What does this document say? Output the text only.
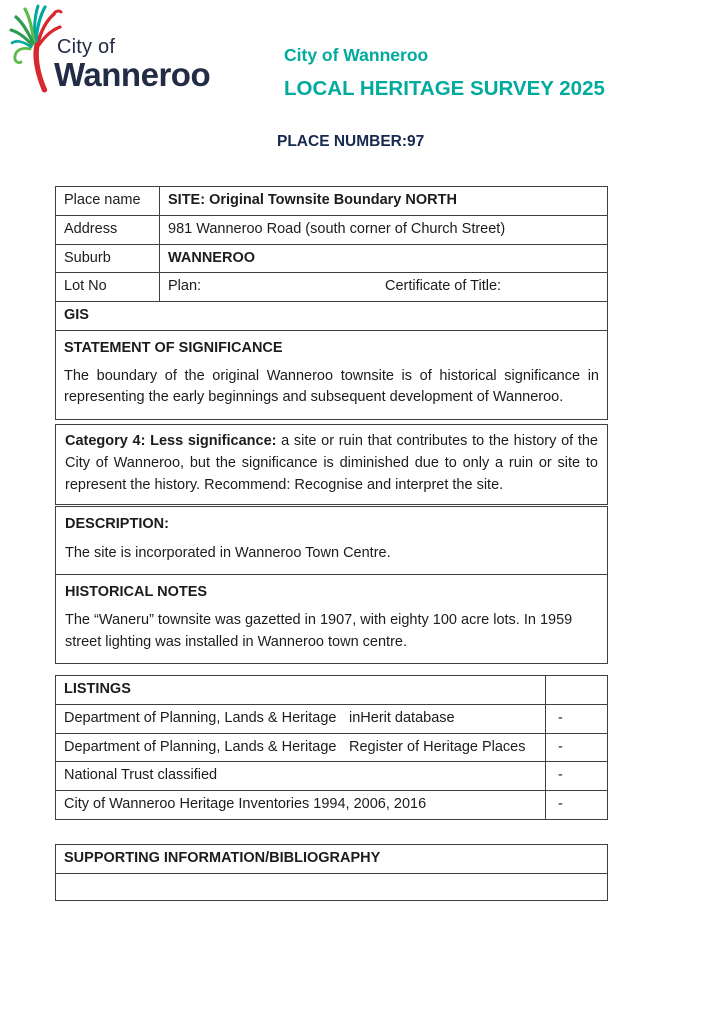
City of
Wanneroo
City of Wanneroo
LOCAL HERITAGE SURVEY 2025
PLACE NUMBER:97
Place name	SITE: Original Townsite Boundary NORTH
Address	981 Wanneroo Road (south corner of Church Street)
Suburb	WANNEROO
Lot No	Plan:	Certificate of Title:
GIS
STATEMENT OF SIGNIFICANCE

The boundary of the original Wanneroo townsite is of historical significance in representing the early beginnings and subsequent development of Wanneroo.

Category 4: Less significance: a site or ruin that contributes to the history of the City of Wanneroo, but the significance is diminished due to only a ruin or site to represent the history. Recommend: Recognise and interpret the site.

DESCRIPTION:

The site is incorporated in Wanneroo Town Centre.

HISTORICAL NOTES

The “Waneru” townsite was gazetted in 1907, with eighty 100 acre lots. In 1959 street lighting was installed in Wanneroo town centre.

LISTINGS
Department of Planning, Lands & Heritage inHerit database	-
Department of Planning, Lands & Heritage Register of Heritage Places	-
National Trust classified	-
City of Wanneroo Heritage Inventories 1994, 2006, 2016	-
SUPPORTING INFORMATION/BIBLIOGRAPHY
